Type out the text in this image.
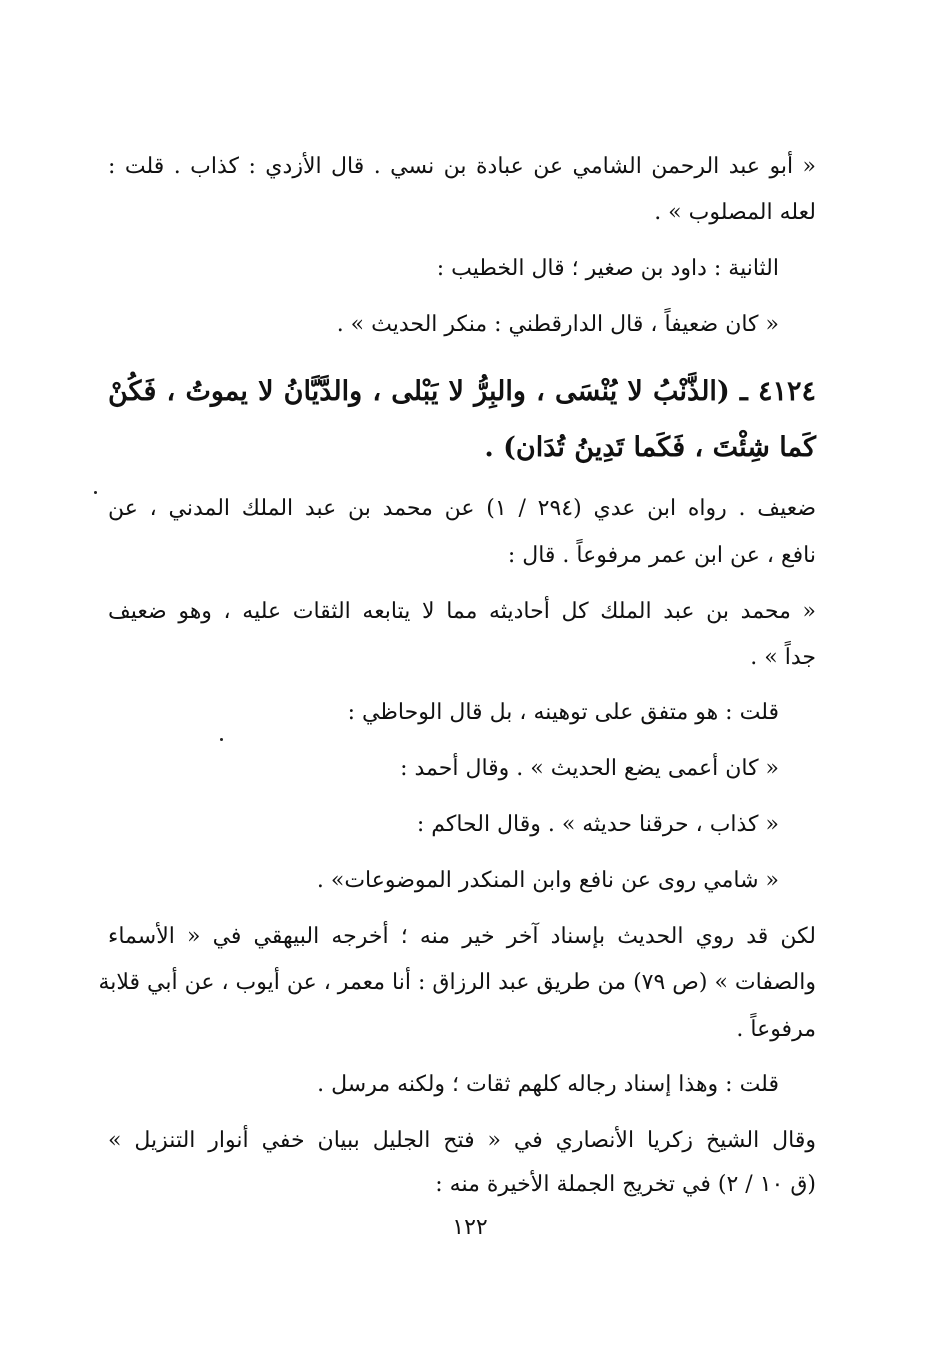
« أبو عبد الرحمن الشامي عن عبادة بن نسي . قال الأزدي : كذاب . قلت :
لعله المصلوب » .
الثانية : داود بن صغير ؛ قال الخطيب :
« كان ضعيفاً ، قال الدارقطني : منكر الحديث » .
٤١٢٤ ـ (الذَّنْبُ لا يُنْسَى ، والبِرُّ لا يَبْلى ، والدَّيَّانُ لا يموتُ ، فَكُنْ
كَما شِئْتَ ، فَكَما تَدِينُ تُدَان) .
ضعيف . رواه ابن عدي (٢٩٤ / ١) عن محمد بن عبد الملك المدني ، عن
نافع ، عن ابن عمر مرفوعاً . قال :
« محمد بن عبد الملك كل أحاديثه مما لا يتابعه الثقات عليه ، وهو ضعيف
جداً » .
قلت : هو متفق على توهينه ، بل قال الوحاظي :
« كان أعمى يضع الحديث » . وقال أحمد :
« كذاب ، حرقنا حديثه » . وقال الحاكم :
« شامي روى عن نافع وابن المنكدر الموضوعات» .
لكن قد روي الحديث بإسناد آخر خير منه ؛ أخرجه البيهقي في « الأسماء
والصفات » (ص ٧٩) من طريق عبد الرزاق : أنا معمر ، عن أيوب ، عن أبي قلابة
مرفوعاً .
قلت : وهذا إسناد رجاله كلهم ثقات ؛ ولكنه مرسل .
وقال الشيخ زكريا الأنصاري في « فتح الجليل ببيان خفي أنوار التنزيل »
(ق ١٠ / ٢) في تخريج الجملة الأخيرة منه :
١٢٢
